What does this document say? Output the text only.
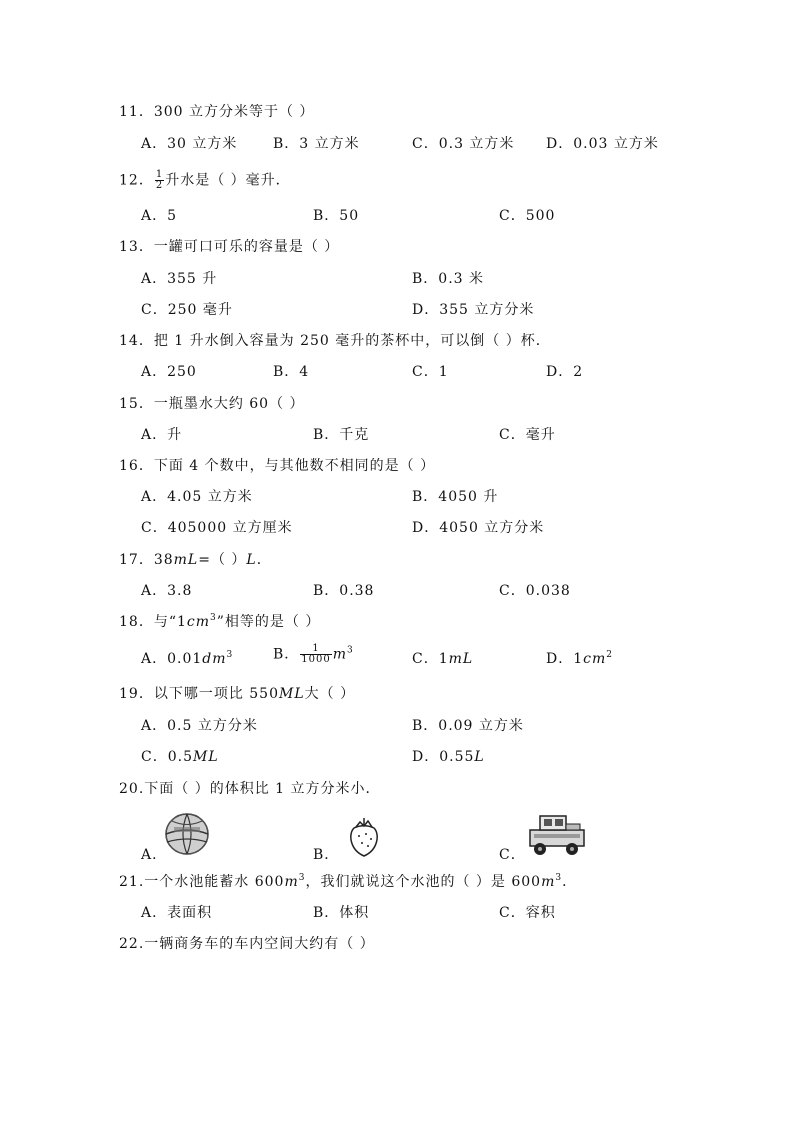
11．300 立方分米等于（ ）
A．30 立方米	B．3 立方米	C．0.3 立方米 D．0.03 立方米
12． $\frac{1}{2}$ 升水是（ ）毫升．
A．5	B．50	C．500
13．一罐可口可乐的容量是（ ）
A．355 升	B．0.3 米
C．250 毫升	D．355 立方分米
14．把 1 升水倒入容量为 250 毫升的茶杯中，可以倒（ ）杯．
A．250	B．4	C．1	D．2
15．一瓶墨水大约 60（ ）
A．升	B．千克	C．毫升
16．下面 4 个数中，与其他数不相同的是（ ）
A．4.05 立方米	B．4050 升
C．405000 立方厘米	D．4050 立方分米
17．38mL=（ ）L．
A．3.8	B．0.38	C．0.038
18．与“$1cm^3$”相等的是（ ）
A．$0.01dm^3$	B． $\frac{1}{1000} m^3$
C．1mL	D．$1cm^2$
19．以下哪一项比 550ML大（ ）
A．0.5 立方分米	B．0.09 立方米
C．0.5ML	D．0.55L
20.下面（ ）的体积比 1 立方分米小．
A．	B．	C．
21.一个水池能蓄水 $600m^3$，我们就说这个水池的（ ）是 $600m^3$．
A．表面积	B．体积	C．容积
22.一辆商务车的车内空间大约有（ ）
